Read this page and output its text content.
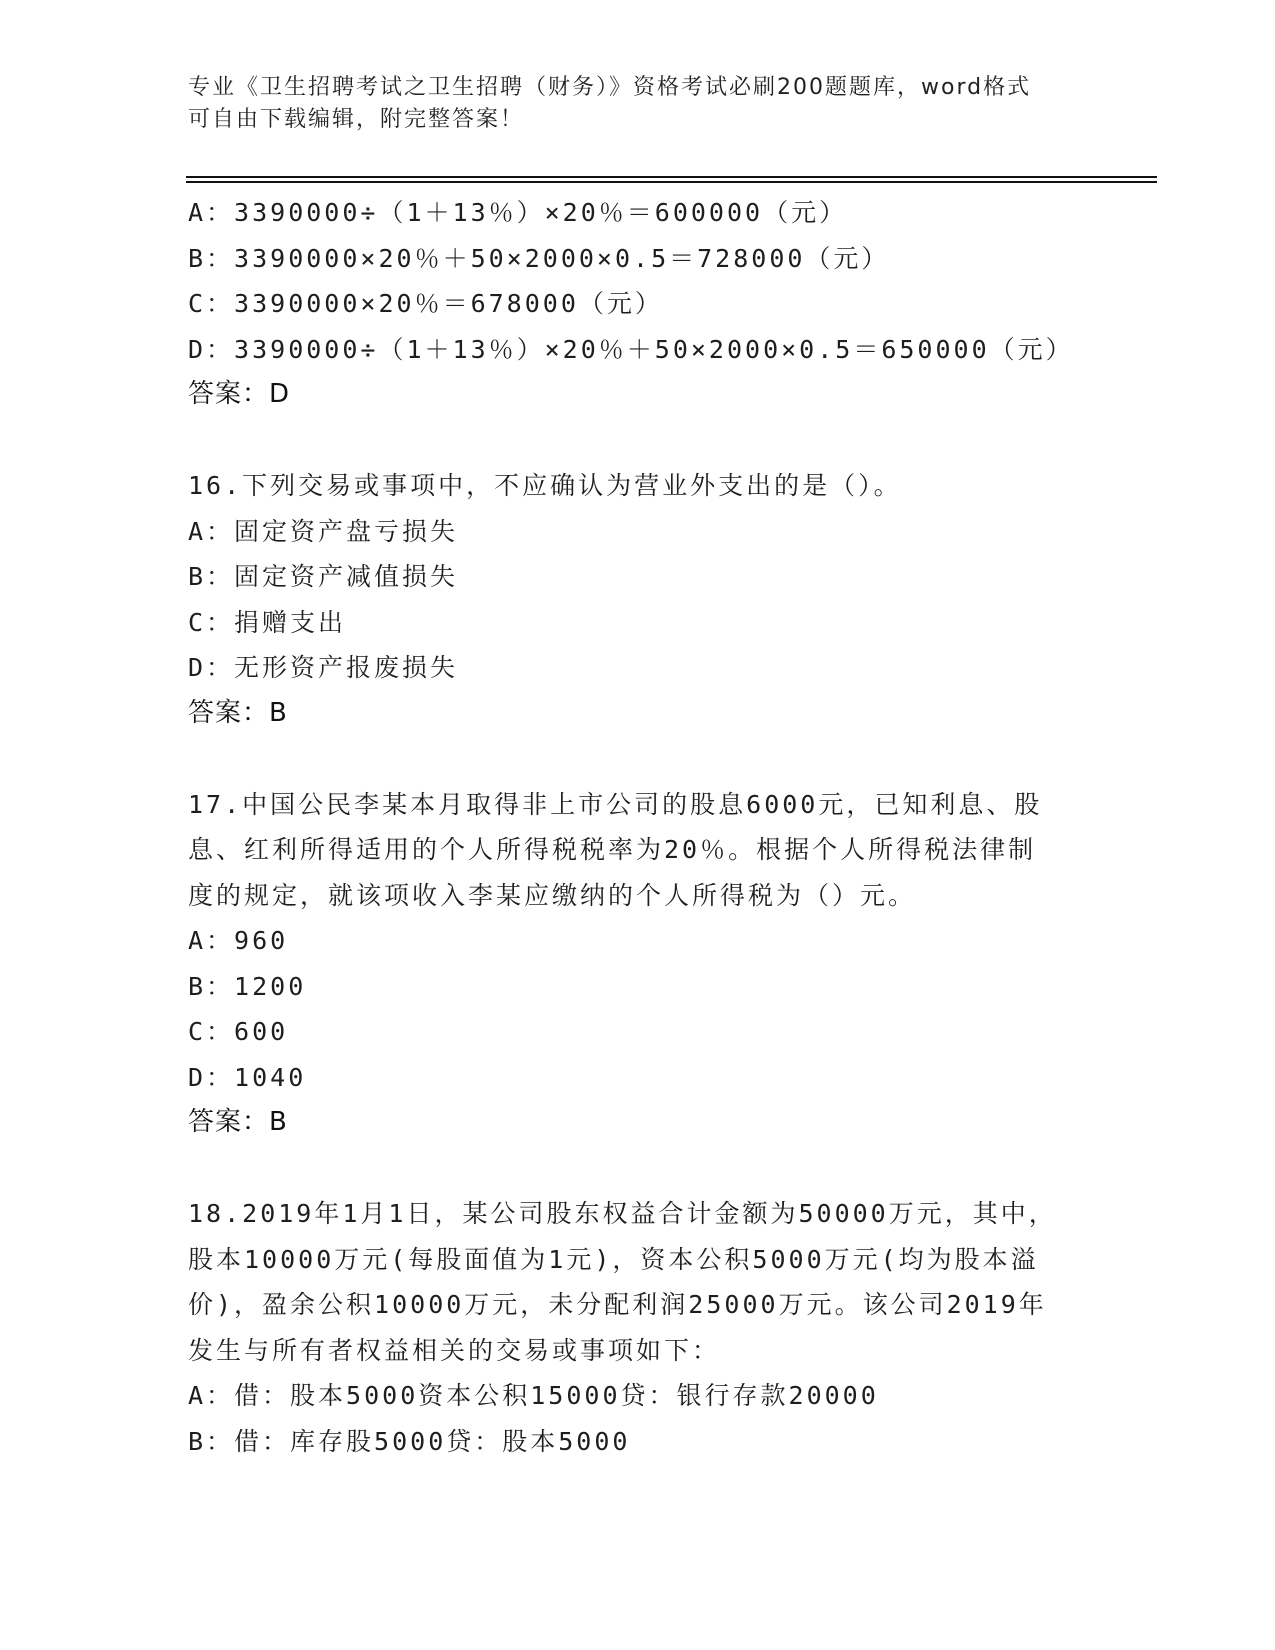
专业《卫生招聘考试之卫生招聘（财务）》资格考试必刷200题题库，word格式
可自由下载编辑，附完整答案！
A：3390000÷（1＋13％）×20％＝600000（元）
B：3390000×20％＋50×2000×0.5＝728000（元）
C：3390000×20％＝678000（元）
D：3390000÷（1＋13％）×20％＋50×2000×0.5＝650000（元）
答案：D
16.下列交易或事项中，不应确认为营业外支出的是（）。
A：固定资产盘亏损失
B：固定资产减值损失
C：捐赠支出
D：无形资产报废损失
答案：B
17.中国公民李某本月取得非上市公司的股息6000元，已知利息、股
息、红利所得适用的个人所得税税率为20％。根据个人所得税法律制
度的规定，就该项收入李某应缴纳的个人所得税为（）元。
A：960
B：1200
C：600
D：1040
答案：B
18.2019年1月1日，某公司股东权益合计金额为50000万元，其中，
股本10000万元(每股面值为1元)，资本公积5000万元(均为股本溢
价)，盈余公积10000万元，未分配利润25000万元。该公司2019年
发生与所有者权益相关的交易或事项如下：
A：借：股本5000资本公积15000贷：银行存款20000
B：借：库存股5000贷：股本5000
